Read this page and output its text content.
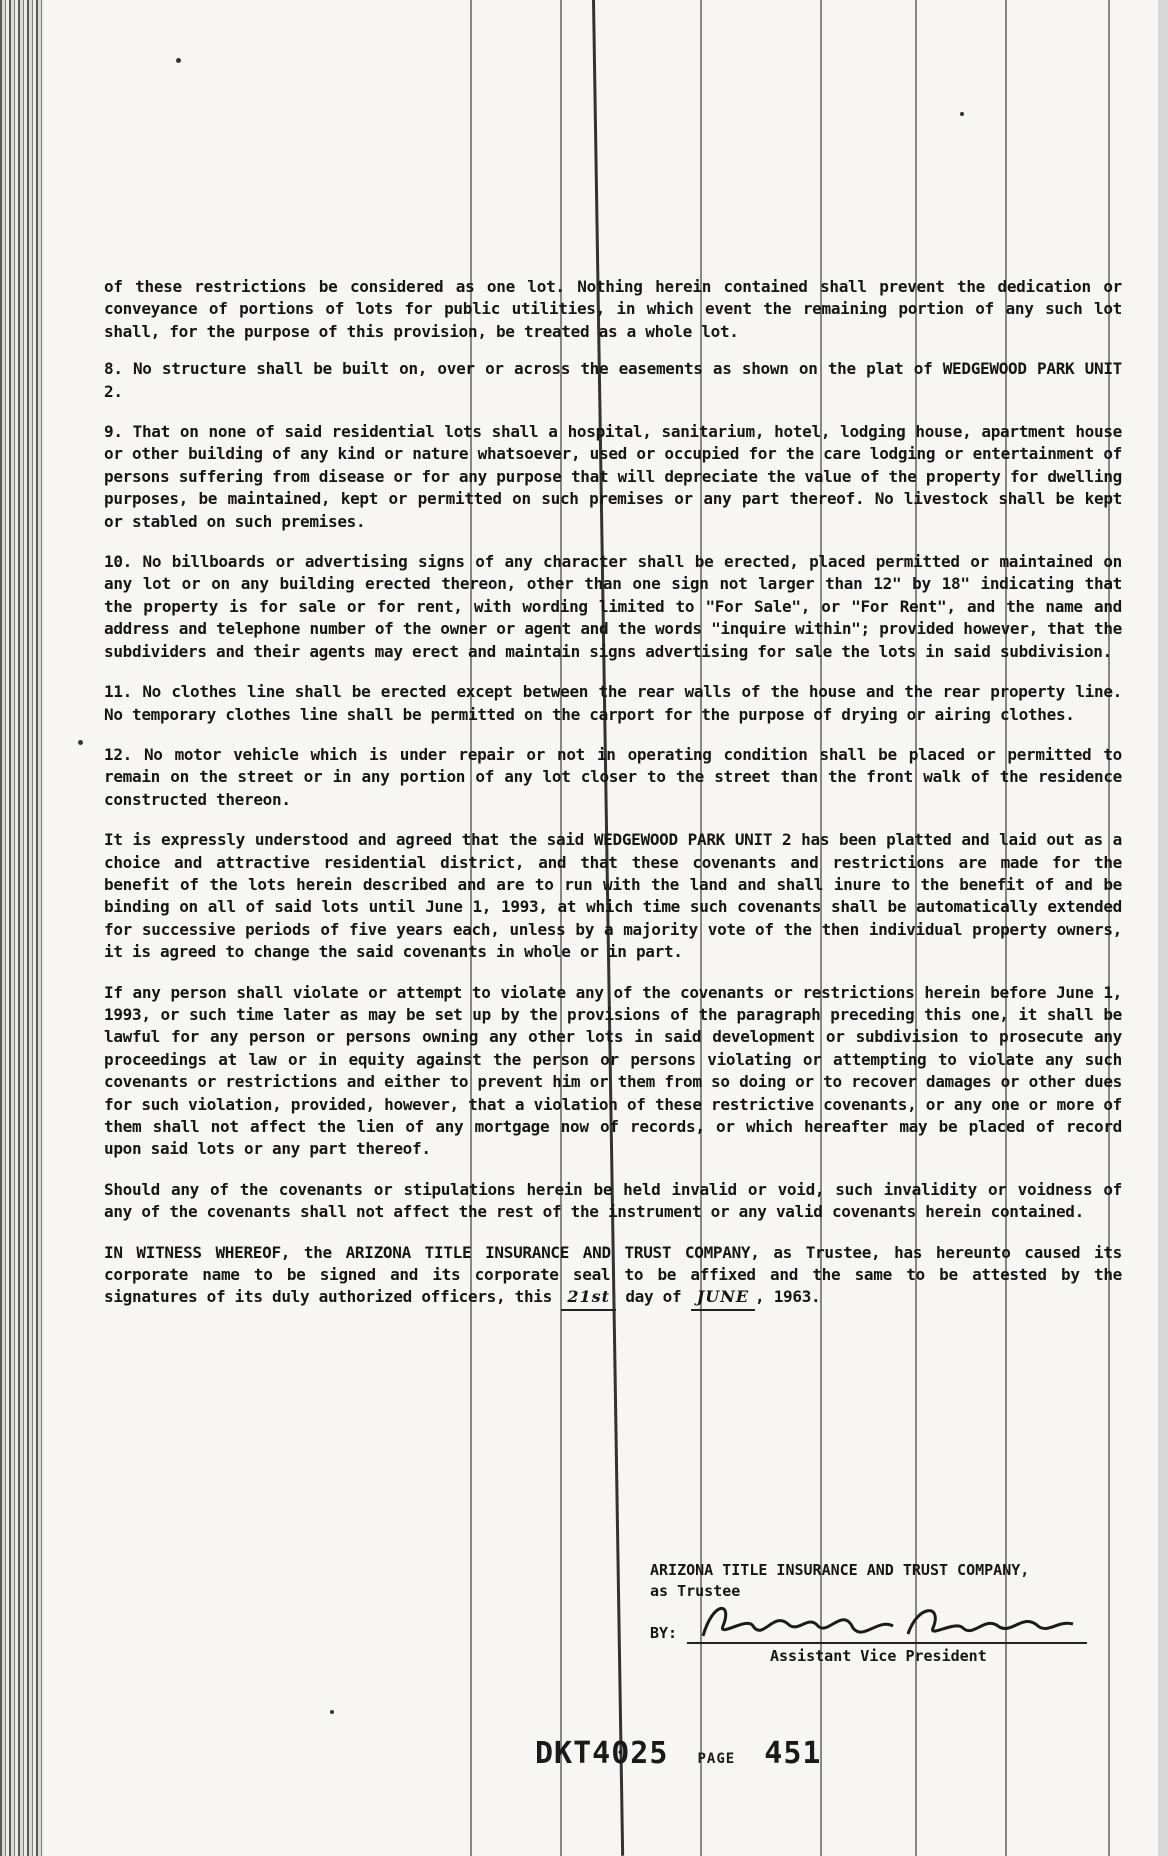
of these restrictions be considered as one lot. Nothing herein contained shall prevent the dedication or conveyance of portions of lots for public utilities, in which event the remaining portion of any such lot shall, for the purpose of this provision, be treated as a whole lot.

8. No structure shall be built on, over or across the easements as shown on the plat of WEDGEWOOD PARK UNIT 2.

9. That on none of said residential lots shall a hospital, sanitarium, hotel, lodging house, apartment house or other building of any kind or nature whatsoever, used or occupied for the care lodging or entertainment of persons suffering from disease or for any purpose that will depreciate the value of the property for dwelling purposes, be maintained, kept or permitted on such premises or any part thereof. No livestock shall be kept or stabled on such premises.

10. No billboards or advertising signs of any character shall be erected, placed permitted or maintained on any lot or on any building erected thereon, other than one sign not larger than 12" by 18" indicating that the property is for sale or for rent, with wording limited to "For Sale", or "For Rent", and the name and address and telephone number of the owner or agent and the words "inquire within"; provided however, that the subdividers and their agents may erect and maintain signs advertising for sale the lots in said subdivision.

11. No clothes line shall be erected except between the rear walls of the house and the rear property line. No temporary clothes line shall be permitted on the carport for the purpose of drying or airing clothes.

12. No motor vehicle which is under repair or not in operating condition shall be placed or permitted to remain on the street or in any portion of any lot closer to the street than the front walk of the residence constructed thereon.

It is expressly understood and agreed that the said WEDGEWOOD PARK UNIT 2 has been platted and laid out as a choice and attractive residential district, and that these covenants and restrictions are made for the benefit of the lots herein described and are to run with the land and shall inure to the benefit of and be binding on all of said lots until June 1, 1993, at which time such covenants shall be automatically extended for successive periods of five years each, unless by a majority vote of the then individual property owners, it is agreed to change the said covenants in whole or in part.

If any person shall violate or attempt to violate any of the covenants or restrictions herein before June 1, 1993, or such time later as may be set up by the provisions of the paragraph preceding this one, it shall be lawful for any person or persons owning any other lots in said development or subdivision to prosecute any proceedings at law or in equity against the person or persons violating or attempting to violate any such covenants or restrictions and either to prevent him or them from so doing or to recover damages or other dues for such violation, provided, however, that a violation of these restrictive covenants, or any one or more of them shall not affect the lien of any mortgage now of records, or which hereafter may be placed of record upon said lots or any part thereof.

Should any of the covenants or stipulations herein be held invalid or void, such invalidity or voidness of any of the covenants shall not affect the rest of the instrument or any valid covenants herein contained.

IN WITNESS WHEREOF, the ARIZONA TITLE INSURANCE AND TRUST COMPANY, as Trustee, has hereunto caused its corporate name to be signed and its corporate seal to be affixed and the same to be attested by the signatures of its duly authorized officers, this 21st day of JUNE , 1963.

ARIZONA TITLE INSURANCE AND TRUST COMPANY,
as Trustee
BY:
Assistant Vice President
DKT4025 PAGE 451
